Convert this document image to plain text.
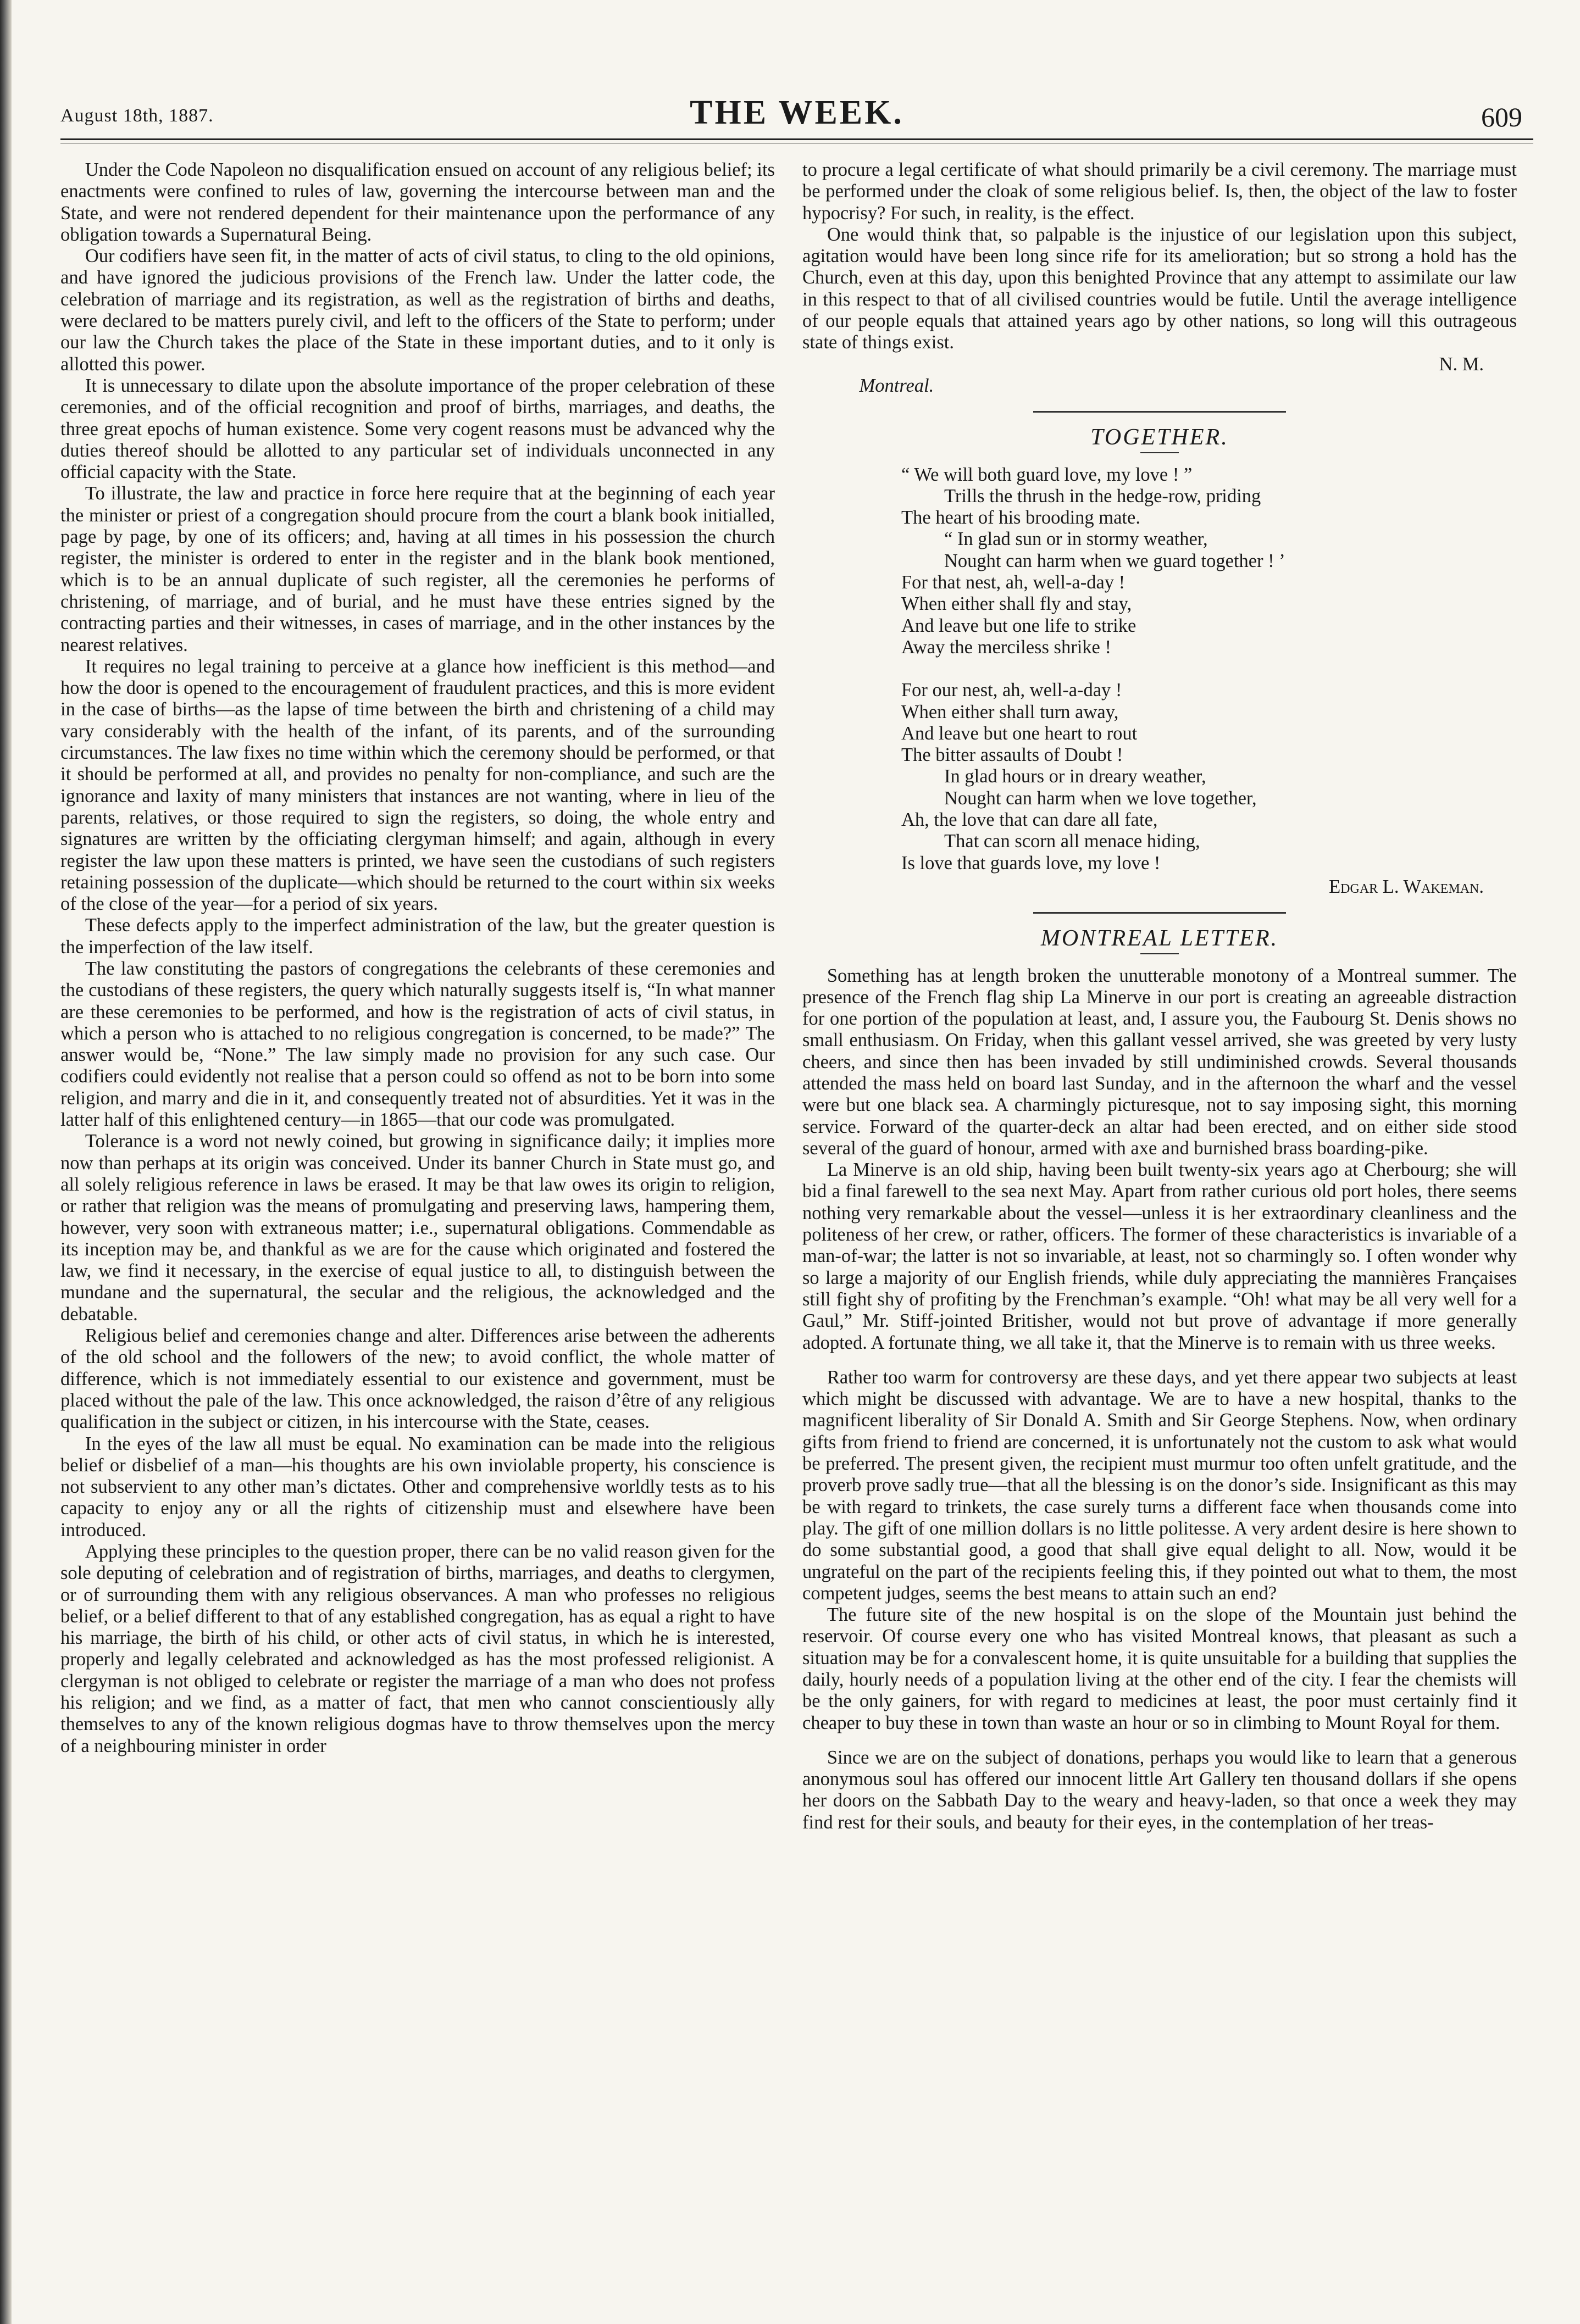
August 18th, 1887.	THE WEEK.	609

Under the Code Napoleon no disqualification ensued on account of any religious belief; its enactments were confined to rules of law, governing the intercourse between man and the State, and were not rendered dependent for their maintenance upon the performance of any obligation towards a Supernatural Being.

Our codifiers have seen fit, in the matter of acts of civil status, to cling to the old opinions, and have ignored the judicious provisions of the French law. Under the latter code, the celebration of marriage and its registration, as well as the registration of births and deaths, were declared to be matters purely civil, and left to the officers of the State to perform; under our law the Church takes the place of the State in these important duties, and to it only is allotted this power.

It is unnecessary to dilate upon the absolute importance of the proper celebration of these ceremonies, and of the official recognition and proof of births, marriages, and deaths, the three great epochs of human existence. Some very cogent reasons must be advanced why the duties thereof should be allotted to any particular set of individuals unconnected in any official capacity with the State.

To illustrate, the law and practice in force here require that at the beginning of each year the minister or priest of a congregation should procure from the court a blank book initialled, page by page, by one of its officers; and, having at all times in his possession the church register, the minister is ordered to enter in the register and in the blank book mentioned, which is to be an annual duplicate of such register, all the ceremonies he performs of christening, of marriage, and of burial, and he must have these entries signed by the contracting parties and their witnesses, in cases of marriage, and in the other instances by the nearest relatives.

It requires no legal training to perceive at a glance how inefficient is this method—and how the door is opened to the encouragement of fraudulent practices, and this is more evident in the case of births—as the lapse of time between the birth and christening of a child may vary considerably with the health of the infant, of its parents, and of the surrounding circumstances. The law fixes no time within which the ceremony should be performed, or that it should be performed at all, and provides no penalty for non-compliance, and such are the ignorance and laxity of many ministers that instances are not wanting, where in lieu of the parents, relatives, or those required to sign the registers, so doing, the whole entry and signatures are written by the officiating clergyman himself; and again, although in every register the law upon these matters is printed, we have seen the custodians of such registers retaining possession of the duplicate—which should be returned to the court within six weeks of the close of the year—for a period of six years.

These defects apply to the imperfect administration of the law, but the greater question is the imperfection of the law itself.

The law constituting the pastors of congregations the celebrants of these ceremonies and the custodians of these registers, the query which naturally suggests itself is, “In what manner are these ceremonies to be performed, and how is the registration of acts of civil status, in which a person who is attached to no religious congregation is concerned, to be made?” The answer would be, “None.” The law simply made no provision for any such case. Our codifiers could evidently not realise that a person could so offend as not to be born into some religion, and marry and die in it, and consequently treated not of absurdities. Yet it was in the latter half of this enlightened century—in 1865—that our code was promulgated.

Tolerance is a word not newly coined, but growing in significance daily; it implies more now than perhaps at its origin was conceived. Under its banner Church in State must go, and all solely religious reference in laws be erased. It may be that law owes its origin to religion, or rather that religion was the means of promulgating and preserving laws, hampering them, however, very soon with extraneous matter; i.e., supernatural obligations. Commendable as its inception may be, and thankful as we are for the cause which originated and fostered the law, we find it necessary, in the exercise of equal justice to all, to distinguish between the mundane and the supernatural, the secular and the religious, the acknowledged and the debatable.

Religious belief and ceremonies change and alter. Differences arise between the adherents of the old school and the followers of the new; to avoid conflict, the whole matter of difference, which is not immediately essential to our existence and government, must be placed without the pale of the law. This once acknowledged, the raison d’être of any religious qualification in the subject or citizen, in his intercourse with the State, ceases.

In the eyes of the law all must be equal. No examination can be made into the religious belief or disbelief of a man—his thoughts are his own inviolable property, his conscience is not subservient to any other man’s dictates. Other and comprehensive worldly tests as to his capacity to enjoy any or all the rights of citizenship must and elsewhere have been introduced.

Applying these principles to the question proper, there can be no valid reason given for the sole deputing of celebration and of registration of births, marriages, and deaths to clergymen, or of surrounding them with any religious observances. A man who professes no religious belief, or a belief different to that of any established congregation, has as equal a right to have his marriage, the birth of his child, or other acts of civil status, in which he is interested, properly and legally celebrated and acknowledged as has the most professed religionist. A clergyman is not obliged to celebrate or register the marriage of a man who does not profess his religion; and we find, as a matter of fact, that men who cannot conscientiously ally themselves to any of the known religious dogmas have to throw themselves upon the mercy of a neighbouring minister in order

to procure a legal certificate of what should primarily be a civil ceremony. The marriage must be performed under the cloak of some religious belief. Is, then, the object of the law to foster hypocrisy? For such, in reality, is the effect.

One would think that, so palpable is the injustice of our legislation upon this subject, agitation would have been long since rife for its amelioration; but so strong a hold has the Church, even at this day, upon this benighted Province that any attempt to assimilate our law in this respect to that of all civilised countries would be futile. Until the average intelligence of our people equals that attained years ago by other nations, so long will this outrageous state of things exist.

N. M.
Montreal.
TOGETHER.
“ We will both guard love, my love ! ”
Trills the thrush in the hedge-row, priding
The heart of his brooding mate.
“ In glad sun or in stormy weather,
Nought can harm when we guard together ! ’
For that nest, ah, well-a-day !
When either shall fly and stay,
And leave but one life to strike
Away the merciless shrike !
For our nest, ah, well-a-day !
When either shall turn away,
And leave but one heart to rout
The bitter assaults of Doubt !
In glad hours or in dreary weather,
Nought can harm when we love together,
Ah, the love that can dare all fate,
That can scorn all menace hiding,
Is love that guards love, my love !
Edgar L. Wakeman.
MONTREAL LETTER.

Something has at length broken the unutterable monotony of a Montreal summer. The presence of the French flag ship La Minerve in our port is creating an agreeable distraction for one portion of the population at least, and, I assure you, the Faubourg St. Denis shows no small enthusiasm. On Friday, when this gallant vessel arrived, she was greeted by very lusty cheers, and since then has been invaded by still undiminished crowds. Several thousands attended the mass held on board last Sunday, and in the afternoon the wharf and the vessel were but one black sea. A charmingly picturesque, not to say imposing sight, this morning service. Forward of the quarter-deck an altar had been erected, and on either side stood several of the guard of honour, armed with axe and burnished brass boarding-pike.

La Minerve is an old ship, having been built twenty-six years ago at Cherbourg; she will bid a final farewell to the sea next May. Apart from rather curious old port holes, there seems nothing very remarkable about the vessel—unless it is her extraordinary cleanliness and the politeness of her crew, or rather, officers. The former of these characteristics is invariable of a man-of-war; the latter is not so invariable, at least, not so charmingly so. I often wonder why so large a majority of our English friends, while duly appreciating the mannières Françaises still fight shy of profiting by the Frenchman’s example. “Oh! what may be all very well for a Gaul,” Mr. Stiff-jointed Britisher, would not but prove of advantage if more generally adopted. A fortunate thing, we all take it, that the Minerve is to remain with us three weeks.

Rather too warm for controversy are these days, and yet there appear two subjects at least which might be discussed with advantage. We are to have a new hospital, thanks to the magnificent liberality of Sir Donald A. Smith and Sir George Stephens. Now, when ordinary gifts from friend to friend are concerned, it is unfortunately not the custom to ask what would be preferred. The present given, the recipient must murmur too often unfelt gratitude, and the proverb prove sadly true—that all the blessing is on the donor’s side. Insignificant as this may be with regard to trinkets, the case surely turns a different face when thousands come into play. The gift of one million dollars is no little politesse. A very ardent desire is here shown to do some substantial good, a good that shall give equal delight to all. Now, would it be ungrateful on the part of the recipients feeling this, if they pointed out what to them, the most competent judges, seems the best means to attain such an end?

The future site of the new hospital is on the slope of the Mountain just behind the reservoir. Of course every one who has visited Montreal knows, that pleasant as such a situation may be for a convalescent home, it is quite unsuitable for a building that supplies the daily, hourly needs of a population living at the other end of the city. I fear the chemists will be the only gainers, for with regard to medicines at least, the poor must certainly find it cheaper to buy these in town than waste an hour or so in climbing to Mount Royal for them.

Since we are on the subject of donations, perhaps you would like to learn that a generous anonymous soul has offered our innocent little Art Gallery ten thousand dollars if she opens her doors on the Sabbath Day to the weary and heavy-laden, so that once a week they may find rest for their souls, and beauty for their eyes, in the contemplation of her treas-
